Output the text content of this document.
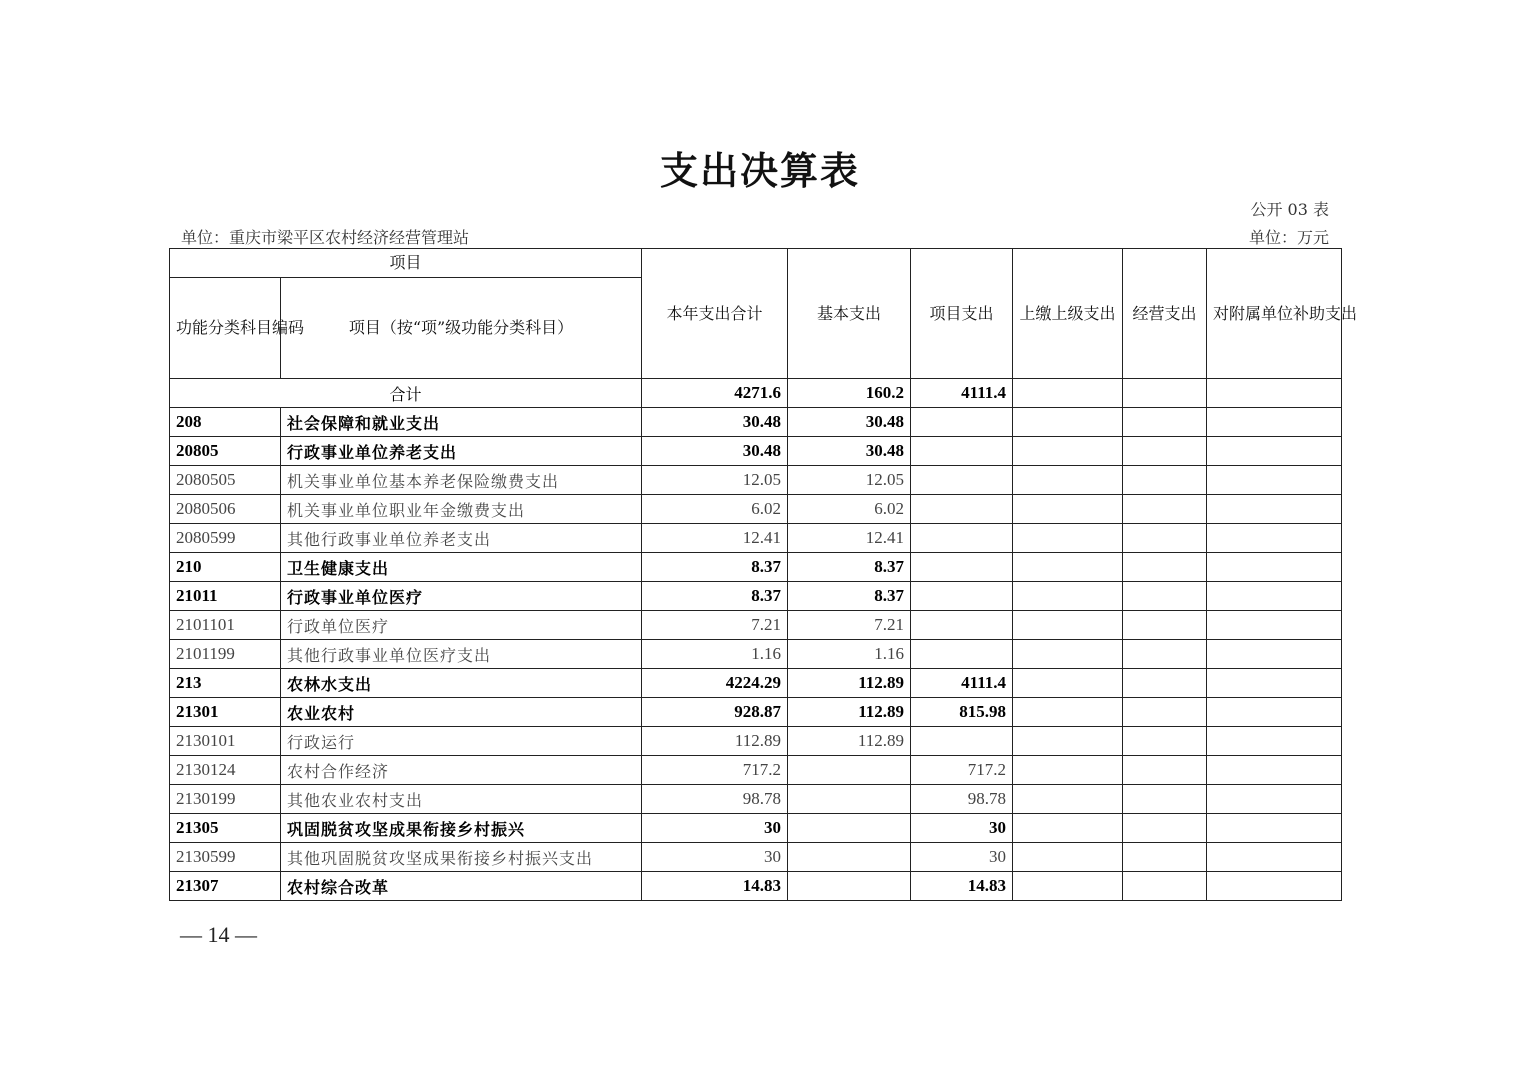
支出决算表
公开 03 表
单位：重庆市梁平区农村经济经营管理站	单位：万元
项目		本年支出合计	基本支出	项目支出	上缴上级支出	经营支出	对附属单位补助支出
功能分类科目编码	项目（按“项”级功能分类科目）						
合计		4271.6	160.2	4111.4			
208	社会保障和就业支出	30.48	30.48				
20805	行政事业单位养老支出	30.48	30.48				
2080505	机关事业单位基本养老保险缴费支出	12.05	12.05				
2080506	机关事业单位职业年金缴费支出	6.02	6.02				
2080599	其他行政事业单位养老支出	12.41	12.41				
210	卫生健康支出	8.37	8.37				
21011	行政事业单位医疗	8.37	8.37				
2101101	行政单位医疗	7.21	7.21				
2101199	其他行政事业单位医疗支出	1.16	1.16				
213	农林水支出	4224.29	112.89	4111.4			
21301	农业农村	928.87	112.89	815.98			
2130101	行政运行	112.89	112.89				
2130124	农村合作经济	717.2		717.2			
2130199	其他农业农村支出	98.78		98.78			
21305	巩固脱贫攻坚成果衔接乡村振兴	30		30			
2130599	其他巩固脱贫攻坚成果衔接乡村振兴支出	30		30			
21307	农村综合改革	14.83		14.83			
— 14 —
